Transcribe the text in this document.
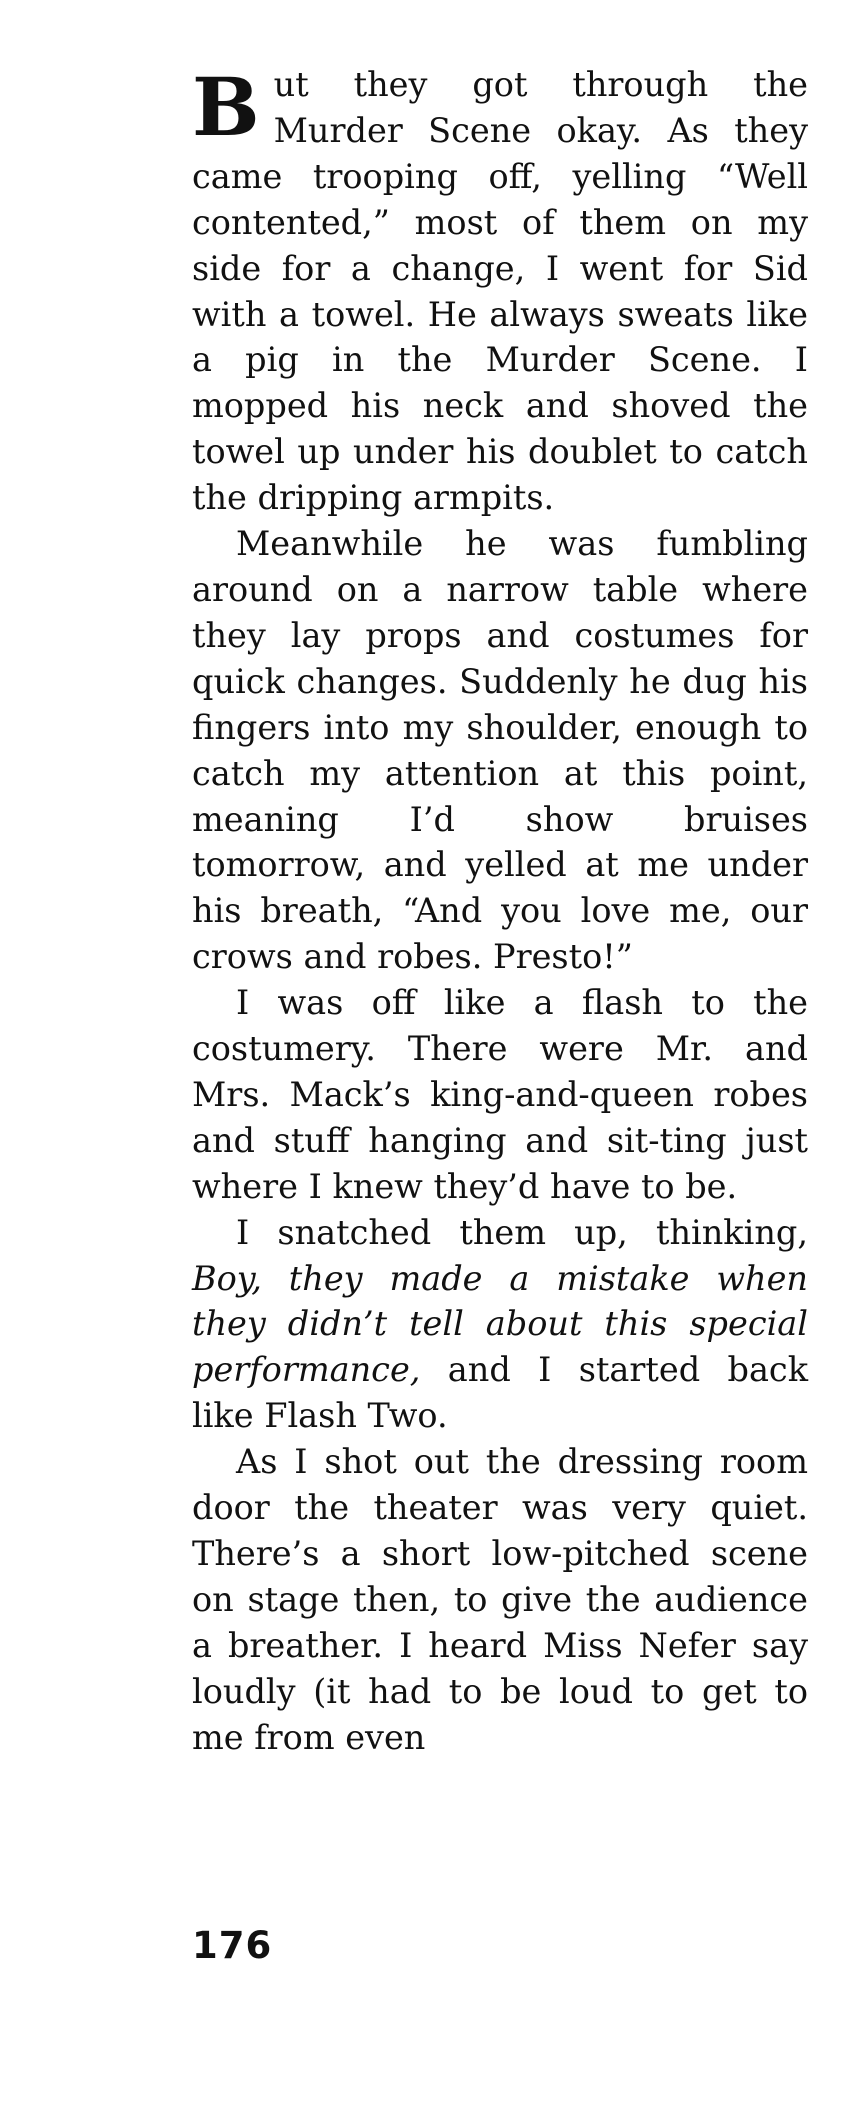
But they got through the Murder Scene okay. As they came trooping off, yelling “Well contented,” most of them on my side for a change, I went for Sid with a towel. He always sweats like a pig in the Murder Scene. I mopped his neck and shoved the towel up under his doublet to catch the dripping armpits.

Meanwhile he was fumbling around on a narrow table where they lay props and costumes for quick changes. Suddenly he dug his fingers into my shoulder, enough to catch my attention at this point, meaning I’d show bruises tomorrow, and yelled at me under his breath, “And you love me, our crows and robes. Presto!”

I was off like a flash to the costumery. There were Mr. and Mrs. Mack’s king-and-queen robes and stuff hanging and sit-ting just where I knew they’d have to be.

I snatched them up, thinking, Boy, they made a mistake when they didn’t tell about this special performance, and I started back like Flash Two.

As I shot out the dressing room door the theater was very quiet. There’s a short low-pitched scene on stage then, to give the audience a breather. I heard Miss Nefer say loudly (it had to be loud to get to me from even

176
